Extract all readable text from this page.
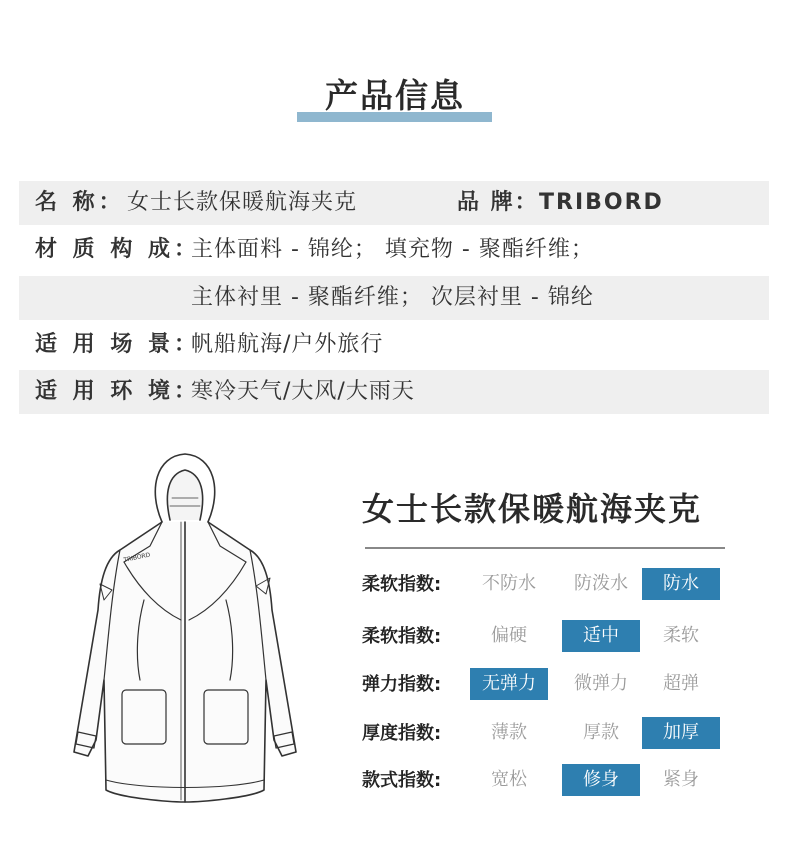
产品信息
名 称： 女士长款保暖航海夹克	品 牌： TRIBORD
材 质 构 成：
主体面料 - 锦纶； 填充物 - 聚酯纤维；
主体衬里 - 聚酯纤维； 次层衬里 - 锦纶
适 用 场 景：
帆船航海/户外旅行
适 用 环 境：
寒冷天气/大风/大雨天
TRIBORD
女士长款保暖航海夹克
柔软指数:	不防水	防泼水	防水
柔软指数:	偏硬	适中	柔软
弹力指数:	无弹力	微弹力	超弹
厚度指数:	薄款	厚款	加厚
款式指数:	宽松	修身	紧身
